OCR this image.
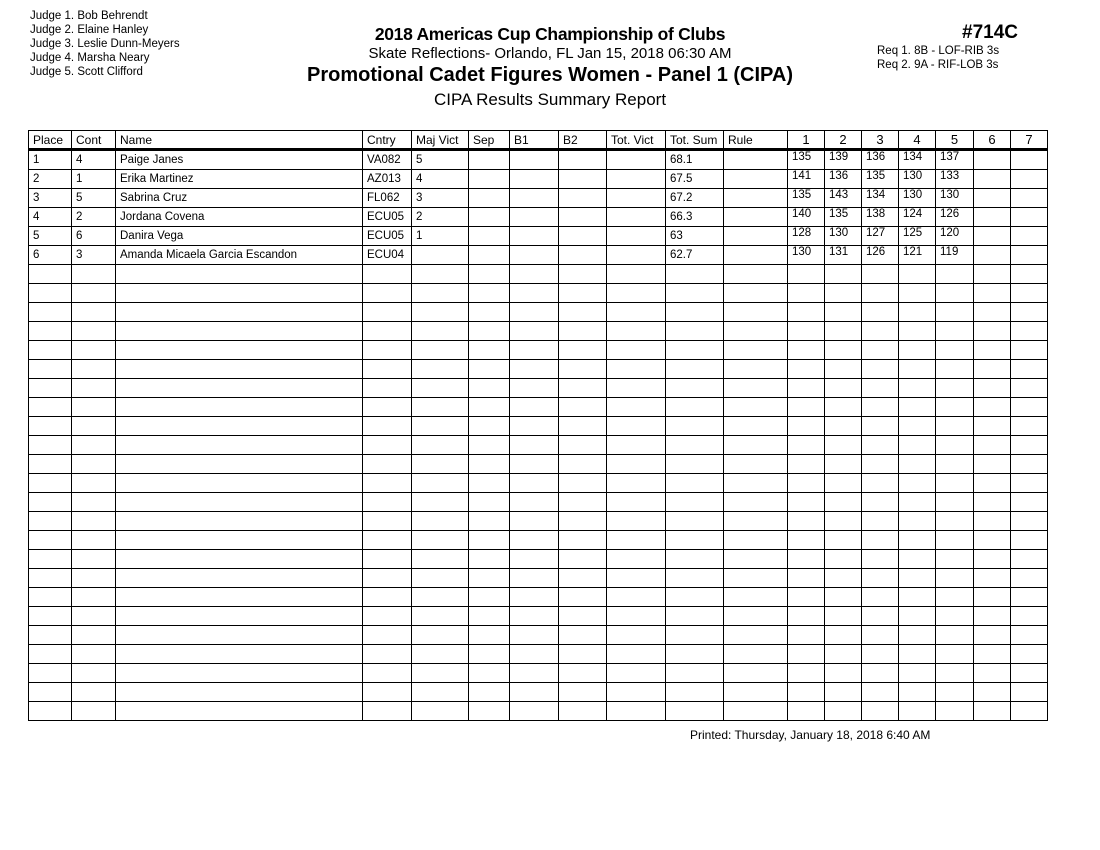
Judge 1. Bob Behrendt
Judge 2. Elaine Hanley
Judge 3. Leslie Dunn-Meyers
Judge 4. Marsha Neary
Judge 5. Scott Clifford
2018 Americas Cup Championship of Clubs
Skate Reflections- Orlando, FL Jan 15, 2018 06:30 AM
Promotional Cadet Figures Women - Panel 1 (CIPA)
CIPA Results Summary Report
#714C
Req 1. 8B - LOF-RIB 3s
Req 2. 9A - RIF-LOB 3s
Place	Cont	Name	Cntry	Maj Vict	Sep	B1	B2	Tot. Vict	Tot. Sum	Rule	1	2	3	4	5	6	7
1	4	Paige Janes	VA082	5					68.1		135	139	136	134	137		
2	1	Erika Martinez	AZ013	4					67.5		141	136	135	130	133		
3	5	Sabrina Cruz	FL062	3					67.2		135	143	134	130	130		
4	2	Jordana Covena	ECU05	2					66.3		140	135	138	124	126		
5	6	Danira Vega	ECU05	1					63		128	130	127	125	120		
6	3	Amanda Micaela Garcia Escandon	ECU04						62.7		130	131	126	121	119		

Printed: Thursday, January 18, 2018 6:40 AM
